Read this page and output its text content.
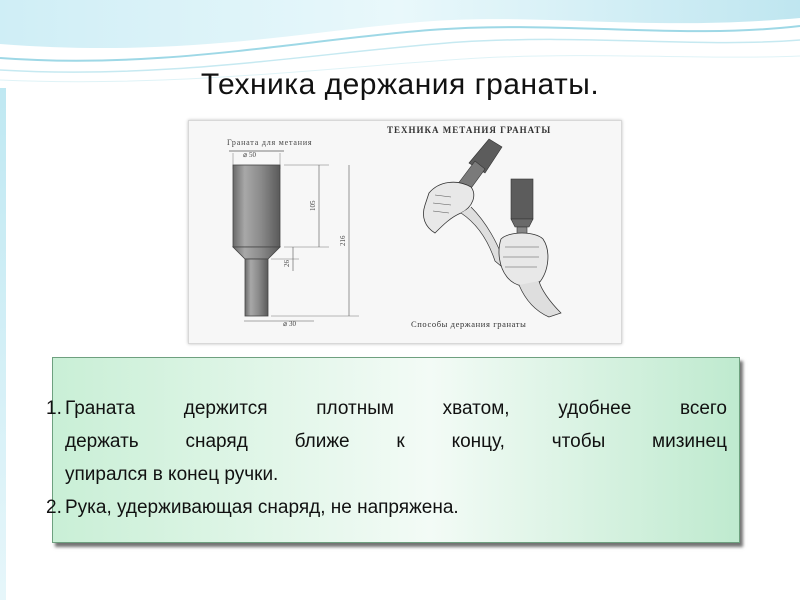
Техника держания гранаты.
ТЕХНИКА МЕТАНИЯ ГРАНАТЫ
Граната для метания
⌀ 50
105
216
26
⌀ 30	Способы держания гранаты
1. Граната держится плотным хватом, удобнее всего
держать снаряд ближе к концу, чтобы мизинец
упирался в конец ручки.
2. Рука, удерживающая снаряд, не напряжена.
